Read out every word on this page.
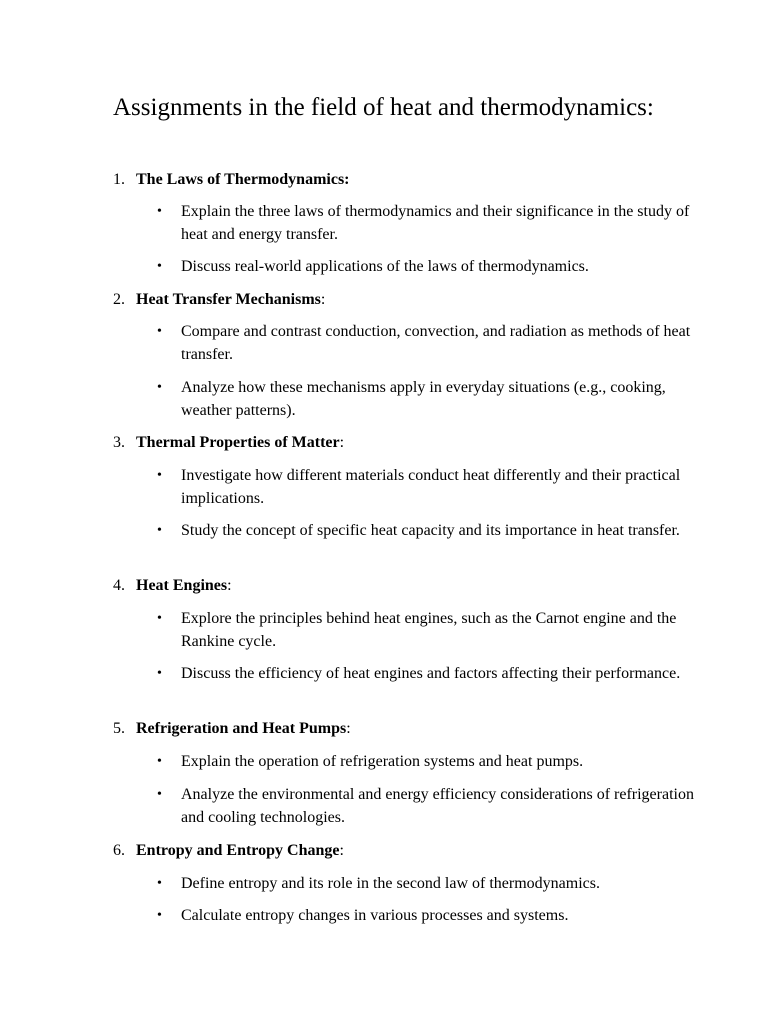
Assignments in the field of heat and thermodynamics:
1. The Laws of Thermodynamics:
• Explain the three laws of thermodynamics and their significance in the study of heat and energy transfer.
• Discuss real-world applications of the laws of thermodynamics.
2. Heat Transfer Mechanisms:
• Compare and contrast conduction, convection, and radiation as methods of heat transfer.
• Analyze how these mechanisms apply in everyday situations (e.g., cooking, weather patterns).
3. Thermal Properties of Matter:
• Investigate how different materials conduct heat differently and their practical implications.
• Study the concept of specific heat capacity and its importance in heat transfer.
4. Heat Engines:
• Explore the principles behind heat engines, such as the Carnot engine and the Rankine cycle.
• Discuss the efficiency of heat engines and factors affecting their performance.
5. Refrigeration and Heat Pumps:
• Explain the operation of refrigeration systems and heat pumps.
• Analyze the environmental and energy efficiency considerations of refrigeration and cooling technologies.
6. Entropy and Entropy Change:
• Define entropy and its role in the second law of thermodynamics.
• Calculate entropy changes in various processes and systems.
